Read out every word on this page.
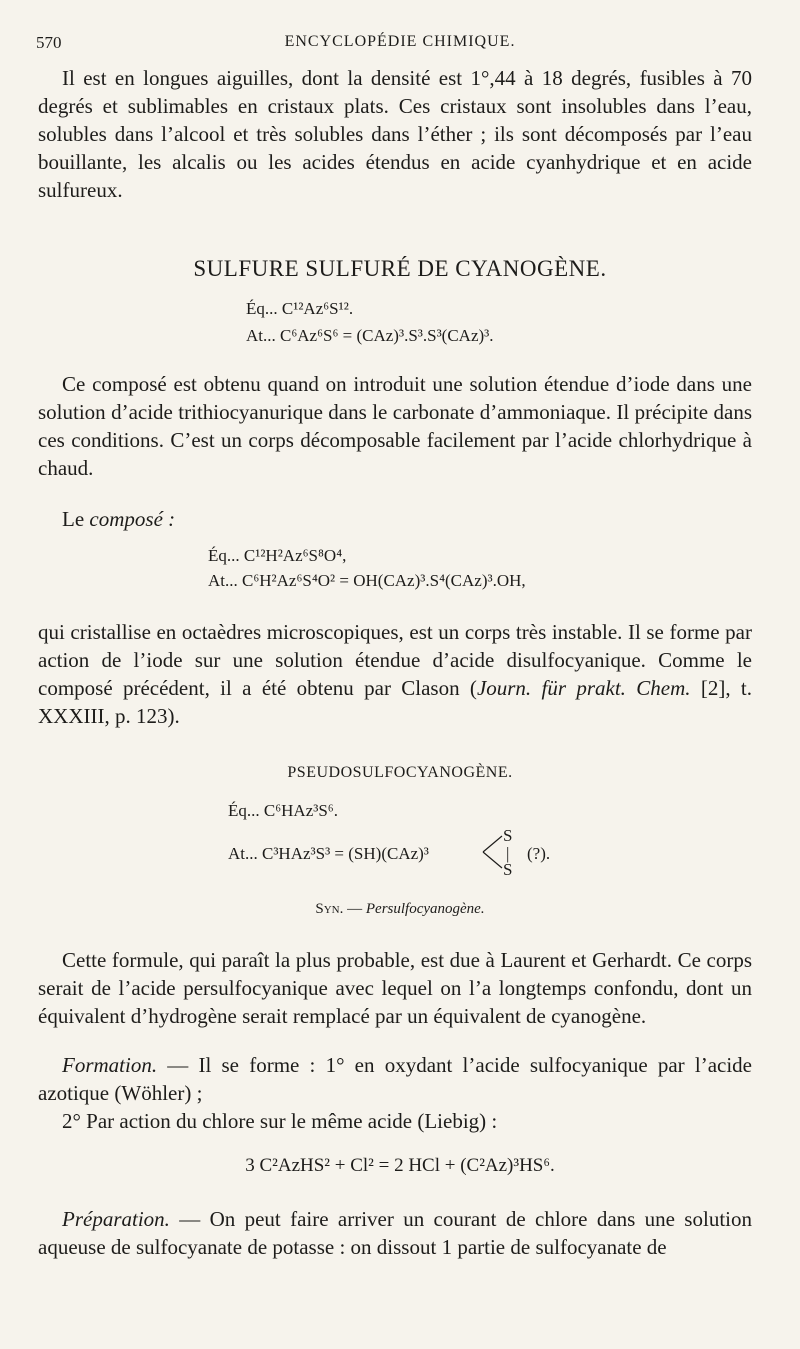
570	ENCYCLOPÉDIE CHIMIQUE.

Il est en longues aiguilles, dont la densité est 1°,44 à 18 degrés, fusibles à 70 degrés et sublimables en cristaux plats. Ces cristaux sont insolubles dans l’eau, solubles dans l’alcool et très solubles dans l’éther ; ils sont décomposés par l’eau bouillante, les alcalis ou les acides étendus en acide cyanhydrique et en acide sulfureux.

SULFURE SULFURÉ DE CYANOGÈNE.
Éq... C¹²Az⁶S¹².
At... C⁶Az⁶S⁶ = (CAz)³.S³.S³(CAz)³.

Ce composé est obtenu quand on introduit une solution étendue d’iode dans une solution d’acide trithiocyanurique dans le carbonate d’ammoniaque. Il précipite dans ces conditions. C’est un corps décomposable facilement par l’acide chlorhydrique à chaud.

Le composé :

Éq... C¹²H²Az⁶S⁸O⁴,
At... C⁶H²Az⁶S⁴O² = OH(CAz)³.S⁴(CAz)³.OH,

qui cristallise en octaèdres microscopiques, est un corps très instable. Il se forme par action de l’iode sur une solution étendue d’acide disulfocyanique. Comme le composé précédent, il a été obtenu par Clason (Journ. für prakt. Chem. [2], t. XXXIII, p. 123).

PSEUDOSULFOCYANOGÈNE.
Éq... C⁶HAz³S⁶.
At... C³HAz³S³ = (SH)(CAz)³
S
|
S
(?).
Syn. — Persulfocyanogène.

Cette formule, qui paraît la plus probable, est due à Laurent et Gerhardt. Ce corps serait de l’acide persulfocyanique avec lequel on l’a longtemps confondu, dont un équivalent d’hydrogène serait remplacé par un équivalent de cyanogène.

Formation. — Il se forme : 1° en oxydant l’acide sulfocyanique par l’acide azotique (Wöhler) ;

2° Par action du chlore sur le même acide (Liebig) :

3 C²AzHS² + Cl² = 2 HCl + (C²Az)³HS⁶.

Préparation. — On peut faire arriver un courant de chlore dans une solution aqueuse de sulfocyanate de potasse : on dissout 1 partie de sulfocyanate de
